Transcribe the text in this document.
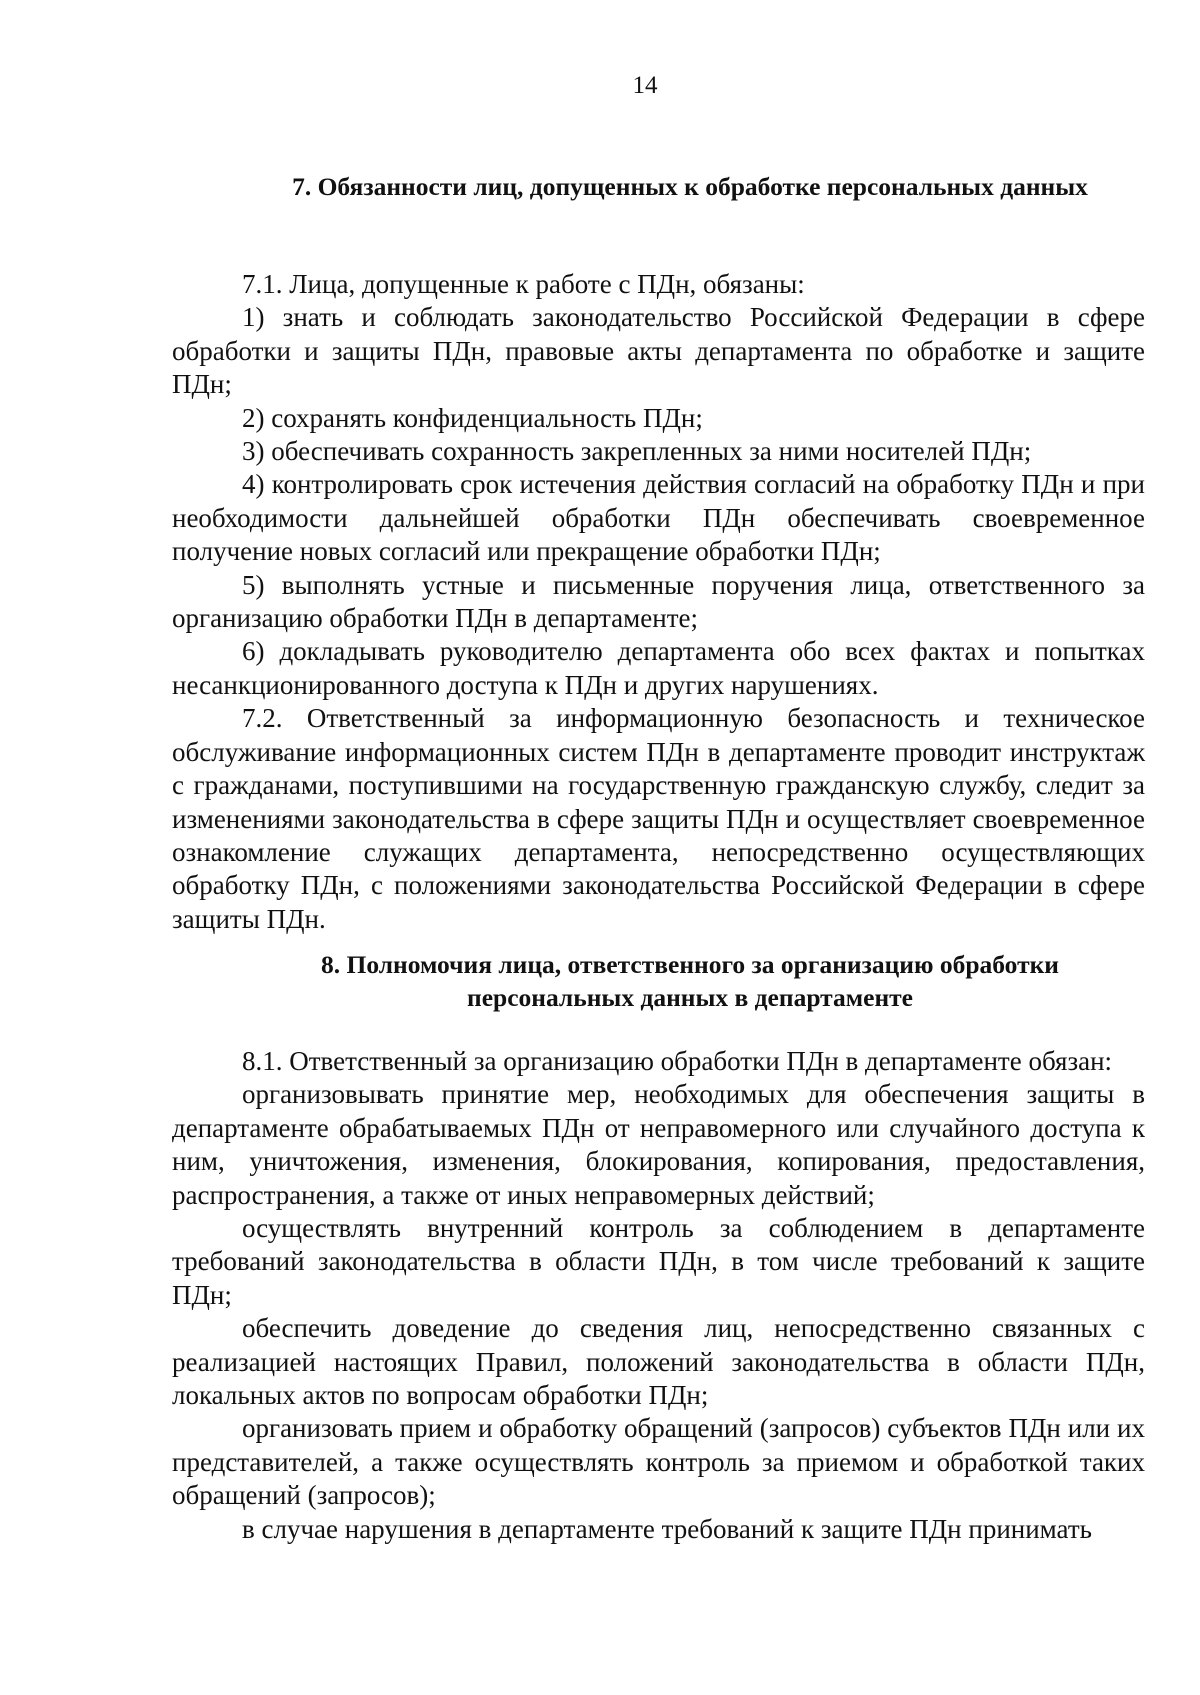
14
7. Обязанности лиц, допущенных к обработке персональных данных

7.1. Лица, допущенные к работе с ПДн, обязаны:

1) знать и соблюдать законодательство Российской Федерации в сфере обработки и защиты ПДн, правовые акты департамента по обработке и защите ПДн;

2) сохранять конфиденциальность ПДн;

3) обеспечивать сохранность закрепленных за ними носителей ПДн;

4) контролировать срок истечения действия согласий на обработку ПДн и при необходимости дальнейшей обработки ПДн обеспечивать своевременное получение новых согласий или прекращение обработки ПДн;

5) выполнять устные и письменные поручения лица, ответственного за организацию обработки ПДн в департаменте;

6) докладывать руководителю департамента обо всех фактах и попытках несанкционированного доступа к ПДн и других нарушениях.

7.2. Ответственный за информационную безопасность и техническое обслуживание информационных систем ПДн в департаменте проводит инструктаж с гражданами, поступившими на государственную гражданскую службу, следит за изменениями законодательства в сфере защиты ПДн и осуществляет своевременное ознакомление служащих департамента, непосредственно осуществляющих обработку ПДн, с положениями законодательства Российской Федерации в сфере защиты ПДн.

8. Полномочия лица, ответственного за организацию обработки персональных данных в департаменте

8.1. Ответственный за организацию обработки ПДн в департаменте обязан:

организовывать принятие мер, необходимых для обеспечения защиты в департаменте обрабатываемых ПДн от неправомерного или случайного доступа к ним, уничтожения, изменения, блокирования, копирования, предоставления, распространения, а также от иных неправомерных действий;

осуществлять внутренний контроль за соблюдением в департаменте требований законодательства в области ПДн, в том числе требований к защите ПДн;

обеспечить доведение до сведения лиц, непосредственно связанных с реализацией настоящих Правил, положений законодательства в области ПДн, локальных актов по вопросам обработки ПДн;

организовать прием и обработку обращений (запросов) субъектов ПДн или их представителей, а также осуществлять контроль за приемом и обработкой таких обращений (запросов);

в случае нарушения в департаменте требований к защите ПДн принимать
